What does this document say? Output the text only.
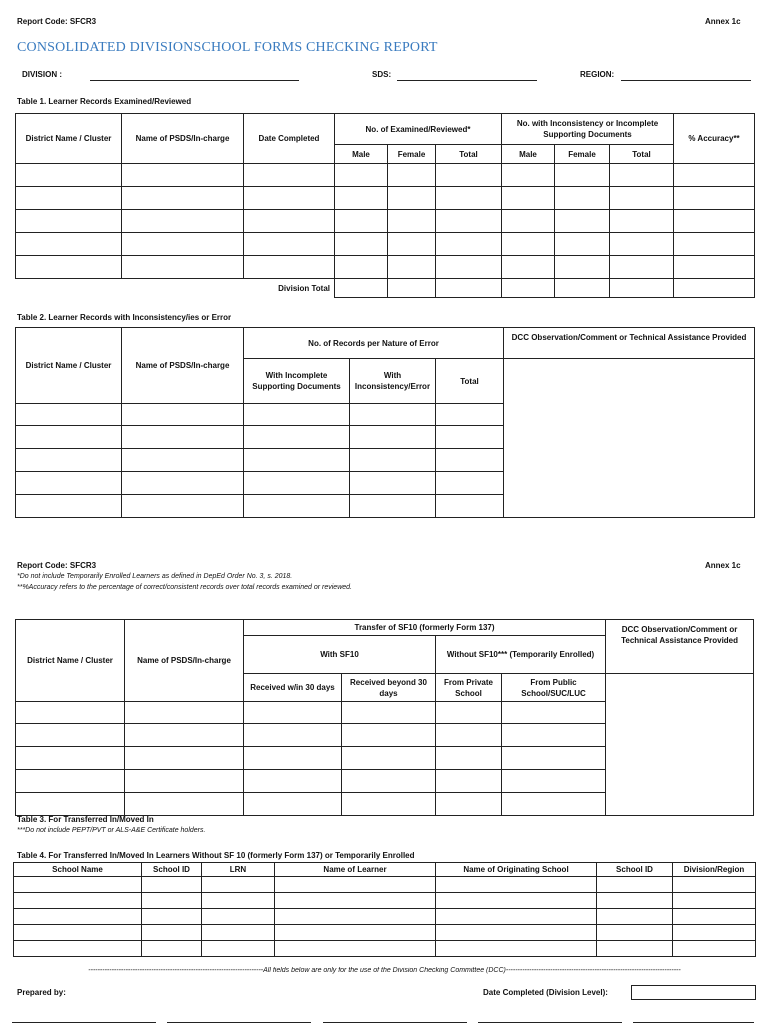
Report Code: SFCR3	Annex 1c
CONSOLIDATED DIVISIONSCHOOL FORMS CHECKING REPORT
DIVISION :	SDS:	REGION:
Table 1. Learner Records Examined/Reviewed
District Name / Cluster	Name of PSDS/In-charge	Date Completed	No. of Examined/Reviewed*			No. with Inconsistency or Incomplete Supporting Documents			% Accuracy**
			Male	Female	Total	Male	Female	Total	

Division Total									
Table 2. Learner Records with Inconsistency/ies or Error
District Name / Cluster	Name of PSDS/In-charge	No. of Records per Nature of Error			DCC Observation/Comment or Technical Assistance Provided
		With Incomplete Supporting Documents	With Inconsistency/Error	Total	

Report Code: SFCR3	Annex 1c
*Do not include Temporarily Enrolled Learners as defined in DepEd Order No. 3, s. 2018.
**%Accuracy refers to the percentage of correct/consistent records over total records examined or reviewed.
District Name / Cluster	Name of PSDS/In-charge	Transfer of SF10 (formerly Form 137)				DCC Observation/Comment or Technical Assistance Provided
		With SF10		Without SF10*** (Temporarily Enrolled)		
		Received w/in 30 days	Received beyond 30 days	From Private School	From Public School/SUC/LUC	

Table 3. For Transferred In/Moved In
***Do not include PEPT/PVT or ALS-A&E Certificate holders.
Table 4. For Transferred In/Moved In Learners Without SF 10 (formerly Form 137) or Temporarily Enrolled
School Name	School ID	LRN	Name of Learner	Name of Originating School	School ID	Division/Region

---------------------------------------------------------------------------All fields below are only for the use of the Division Checking Committee (DCC)---------------------------------------------------------------------------
Prepared by:	Date Completed (Division Level):
